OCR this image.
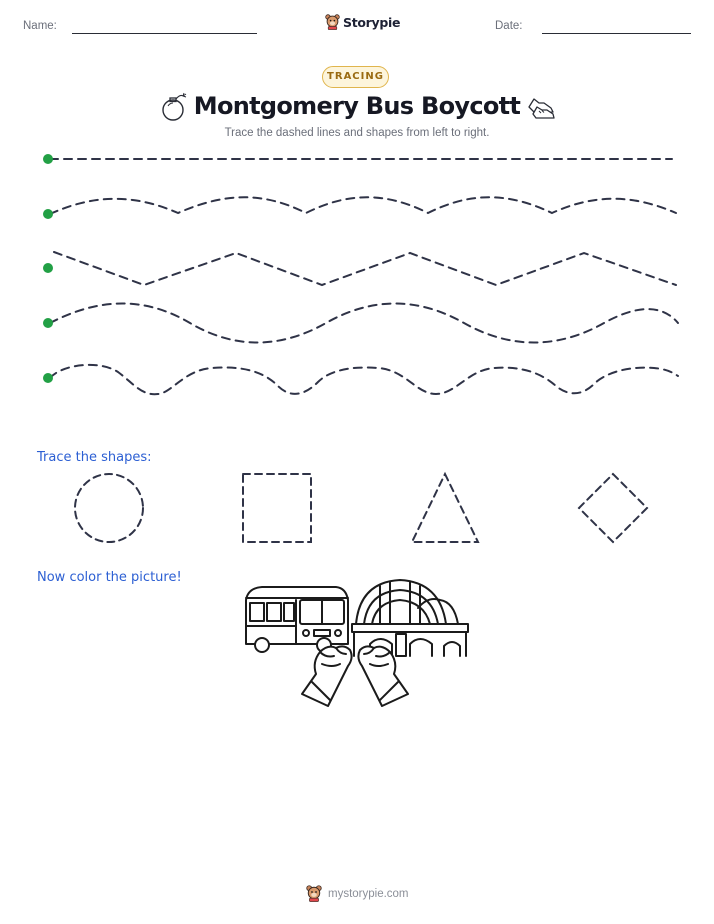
Name:	Storypie	Date:
TRACING
Montgomery Bus Boycott
Trace the dashed lines and shapes from left to right.
Trace the shapes:
Now color the picture!
mystorypie.com
